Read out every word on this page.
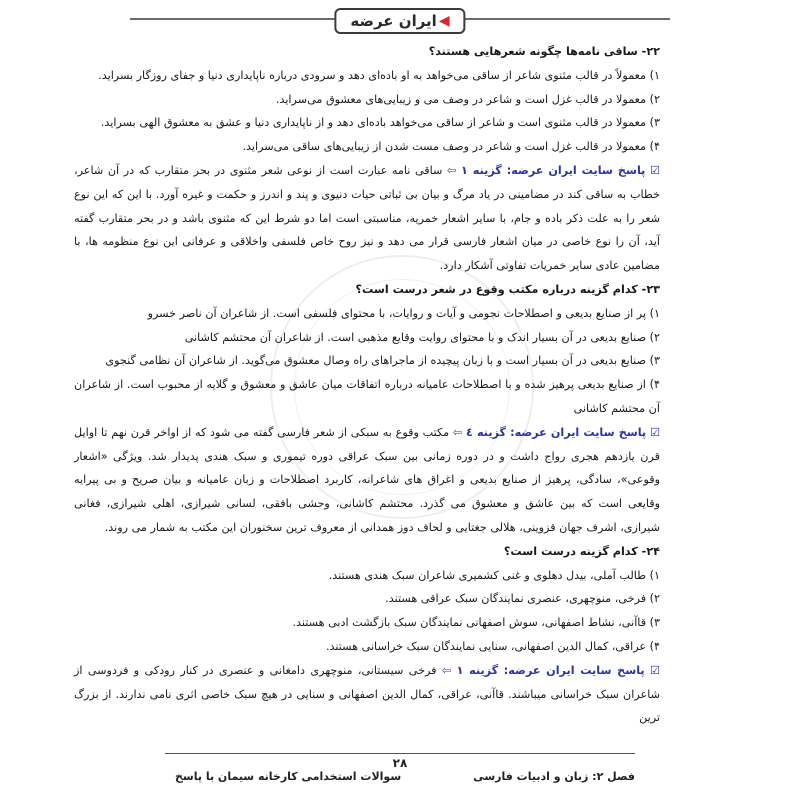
ایران عرضه ◀

۲۲- ساقی نامه‌ها چگونه شعرهایی هستند؟

۱) معمولاً در قالب مثنوی شاعر از ساقی می‌خواهد به او باده‌ای دهد و سرودی درباره ناپایداری دنیا و جفای روزگار بسراید.

۲) معمولا در قالب غزل است و شاعر در وصف می و زیبایی‌های معشوق می‌سراید.

۳) معمولا در قالب مثنوی است و شاعر از ساقی می‌خواهد باده‌ای دهد و از ناپایداری دنیا و عشق به معشوق الهی بسراید.

۴) معمولا در قالب غزل است و شاعر در وصف مست شدن از زیبایی‌های ساقی می‌سراید.

☑ پاسخ سایت ایران عرضه: گزینه ۱ ⇦ ساقی نامه عبارت است از نوعی شعر مثنوی در بحر متقارب که در آن شاعر، خطاب به ساقی کند در مضامینی در یاد مرگ و بیان بی ثباتی حیات دنیوی و پند و اندرز و حکمت و غیره آورد. با این که این نوع شعر را به علت ذکر باده و جام، با سایر اشعار خمریه، مناسبتی است اما دو شرط این که مثنوی باشد و در بحر متقارب گفته آید، آن را نوع خاصی در میان اشعار فارسی قرار می دهد و نیز روح خاص فلسفی واخلاقی و عرفانی این نوع منظومه ها، با مضامین عادی سایر خمریات تفاوتی آشکار دارد.

۲۳- کدام گزینه درباره مکتب وقوع در شعر درست است؟

۱) پر از صنایع بدیعی و اصطلاحات نجومی و آیات و روایات، با محتوای فلسفی است. از شاعران آن ناصر خسرو

۲) صنایع بدیعی در آن بسیار اندک و با محتوای روایت وقایع مذهبی است. از شاعران آن محتشم کاشانی

۳) صنایع بدیعی در آن بسیار است و با زبان پیچیده از ماجراهای راه وصال معشوق می‌گوید. از شاعران آن نظامی گنجوی

۴) از صنایع بدیعی پرهیز شده و با اصطلاحات عامیانه درباره اتفاقات میان عاشق و معشوق و گلایه از محبوب است. از شاعران آن محتشم کاشانی

☑ پاسخ سایت ایران عرضه: گزینه ٤ ⇦ مکتب وقوع به سبکی از شعر فارسی گفته می شود که از اواخر قرن نهم تا اوایل قرن یازدهم هجری رواج داشت و در دوره زمانی بین سبک عراقی دوره تیموری و سبک هندی پدیدار شد. ویژگی «اشعار وقوعی»، سادگی، پرهیز از صنایع بدیعی و اغراق های شاعرانه، کاربرد اصطلاحات و زبان عامیانه و بیان صریح و بی پیرایه وقایعی است که بین عاشق و معشوق می گذرد. محتشم کاشانی، وحشی بافقی، لسانی شیرازی، اهلی شیرازی، فغانی شیرازی، اشرف جهان قزوینی، هلالی جغتایی و لحاف دوز همدانی از معروف ترین سخنوران این مکتب به شمار می روند.

۲۴- کدام گزینه درست است؟

۱) طالب آملی، بیدل دهلوی و غنی کشمیری شاعران سبک هندی هستند.

۲) فرخی، منوچهری، عنصری نمایندگان سبک عراقی هستند.

۳) قاآنی، نشاط اصفهانی، سوش اصفهانی نمایندگان سبک بازگشت ادبی هستند.

۴) عراقی، کمال الدین اصفهانی، سنایی نمایندگان سبک خراسانی هستند.

☑ پاسخ سایت ایران عرضه: گزینه ۱ ⇦ فرخی سیستانی، منوچهری دامغانی و عنصری در کنار رودکی و فردوسی از شاعران سبک خراسانی میباشند. قاآنی، عراقی، کمال الدین اصفهانی و سنایی در هیچ سبک خاصی اثری نامی ندارند. از بزرگ ترین

۲۸
فصل ۲: زبان و ادبیات فارسی
سوالات استخدامی کارخانه سیمان با پاسخ
